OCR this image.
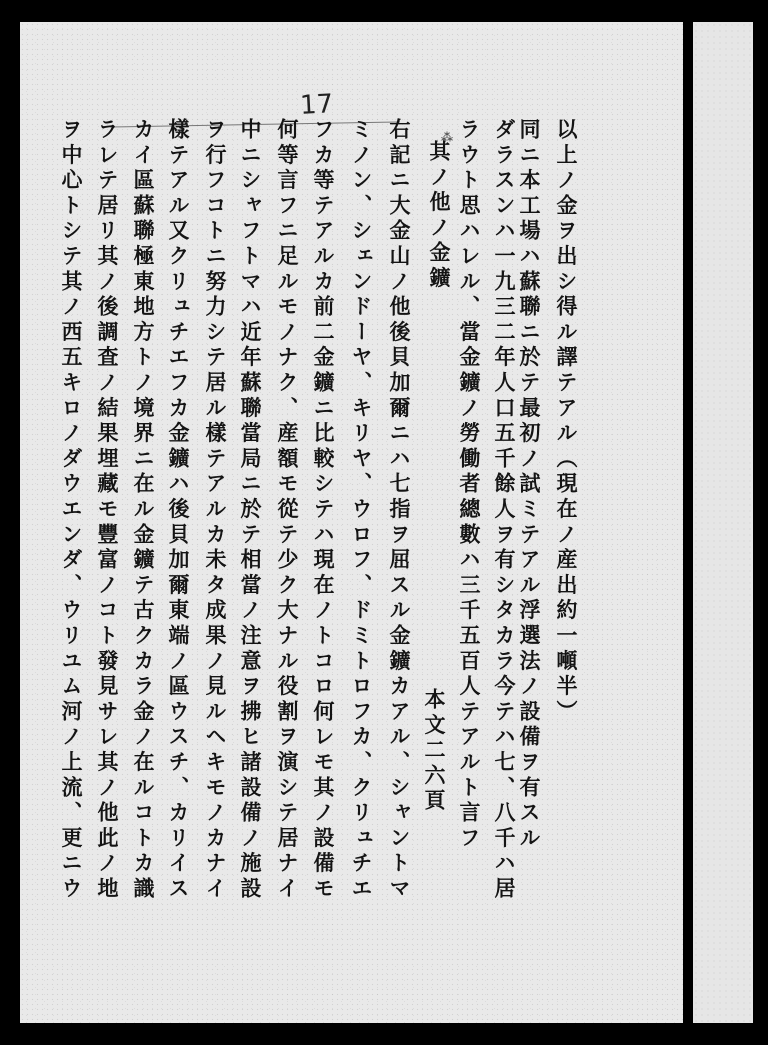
17
⁂	以上ノ金ヲ出シ得ル譯テアル（現在ノ産出約一噸半）
同ニ本工場ハ蘇聯ニ於テ最初ノ試ミテアル浮選法ノ設備ヲ有スル
ダラスンハ一九三二年人口五千餘人ヲ有シタカラ今テハ七、八千ハ居
ラウト思ハレル、當金鑛ノ勞働者總數ハ三千五百人テアルト言フ
本文二六頁
其ノ他ノ金鑛
右記ニ大金山ノ他後貝加爾ニハ七指ヲ屈スル金鑛カアル、シャントマ
ミノン、シェンドーヤ、キリヤ、ウロフ、ドミトロフカ、クリュチエ
フカ等テアルカ前二金鑛ニ比較シテハ現在ノトコロ何レモ其ノ設備モ
何等言フニ足ルモノナク、産額モ從テ少ク大ナル役割ヲ演シテ居ナイ
中ニシャフトマハ近年蘇聯當局ニ於テ相當ノ注意ヲ拂ヒ諸設備ノ施設
ヲ行フコトニ努力シテ居ル樣テアルカ未タ成果ノ見ルヘキモノカナイ
樣テアル又クリュチエフカ金鑛ハ後貝加爾東端ノ區ウスチ、カリイス
カイ區蘇聯極東地方トノ境界ニ在ル金鑛テ古クカラ金ノ在ルコトカ識
ラレテ居リ其ノ後調査ノ結果埋藏モ豐富ノコト發見サレ其ノ他此ノ地
ヲ中心トシテ其ノ西五キロノダウエンダ、ウリユム河ノ上流、更ニウ
